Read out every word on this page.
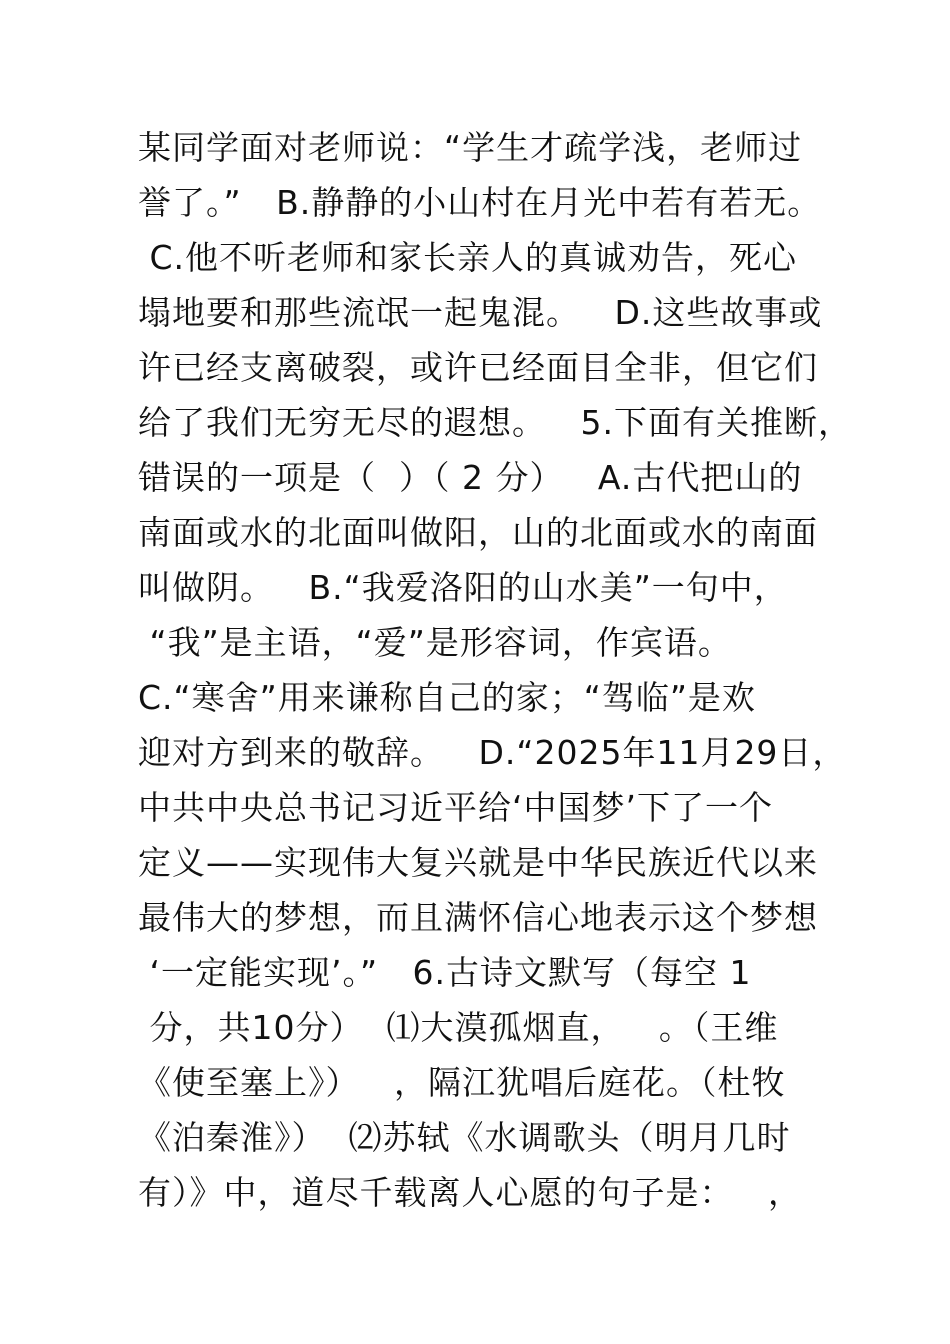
某同学面对老师说：“学生才疏学浅，老师过

誉了。”   B.静静的小山村在月光中若有若无。

C.他不听老师和家长亲人的真诚劝告，死心

塌地要和那些流氓一起鬼混。   D.这些故事或

许已经支离破裂，或许已经面目全非，但它们

给了我们无穷无尽的遐想。   5.下面有关推断，

错误的一项是（  ）（ 2 分）   A.古代把山的

南面或水的北面叫做阳，山的北面或水的南面

叫做阴。   B.“我爱洛阳的山水美”一句中，

“我”是主语，“爱”是形容词，作宾语。

C.“寒舍”用来谦称自己的家；“驾临”是欢

迎对方到来的敬辞。   D.“2025年11月29日，

中共中央总书记习近平给‘中国梦’下了一个

定义——实现伟大复兴就是中华民族近代以来

最伟大的梦想，而且满怀信心地表示这个梦想

‘一定能实现’。”   6.古诗文默写（每空 1

分，共10分）  ⑴大漠孤烟直，   。（王维

《使至塞上》）   ，隔江犹唱后庭花。（杜牧

《泊秦淮》）  ⑵苏轼《水调歌头（明月几时

有）》中，道尽千载离人心愿的句子是：   ，
